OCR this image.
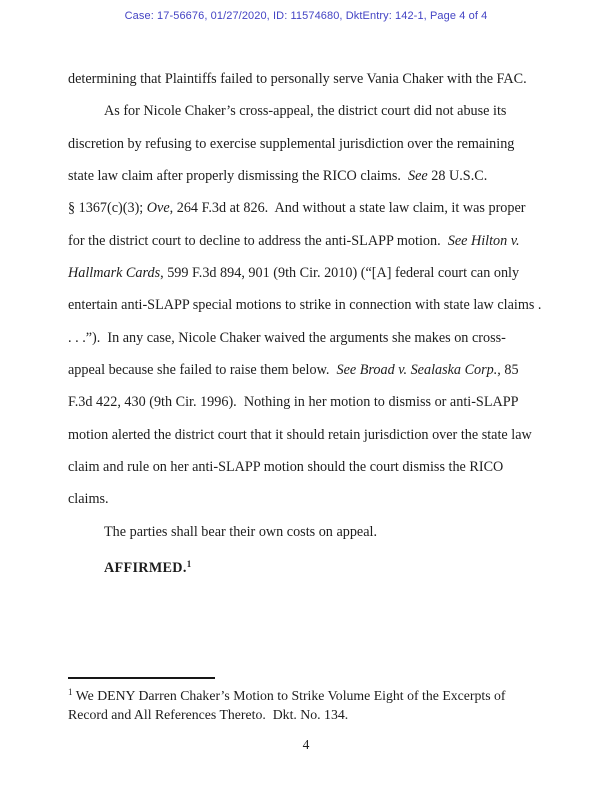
Case: 17-56676, 01/27/2020, ID: 11574680, DktEntry: 142-1, Page 4 of 4
determining that Plaintiffs failed to personally serve Vania Chaker with the FAC.
As for Nicole Chaker’s cross-appeal, the district court did not abuse its
discretion by refusing to exercise supplemental jurisdiction over the remaining
state law claim after properly dismissing the RICO claims.  See 28 U.S.C.
§ 1367(c)(3); Ove, 264 F.3d at 826.  And without a state law claim, it was proper
for the district court to decline to address the anti-SLAPP motion.  See Hilton v.
Hallmark Cards, 599 F.3d 894, 901 (9th Cir. 2010) (“[A] federal court can only
entertain anti-SLAPP special motions to strike in connection with state law claims .
. . .”).  In any case, Nicole Chaker waived the arguments she makes on cross-
appeal because she failed to raise them below.  See Broad v. Sealaska Corp., 85
F.3d 422, 430 (9th Cir. 1996).  Nothing in her motion to dismiss or anti-SLAPP
motion alerted the district court that it should retain jurisdiction over the state law
claim and rule on her anti-SLAPP motion should the court dismiss the RICO
claims.
The parties shall bear their own costs on appeal.
AFFIRMED.$^1$
$^1$ We DENY Darren Chaker’s Motion to Strike Volume Eight of the Excerpts of
Record and All References Thereto.  Dkt. No. 134.
4
